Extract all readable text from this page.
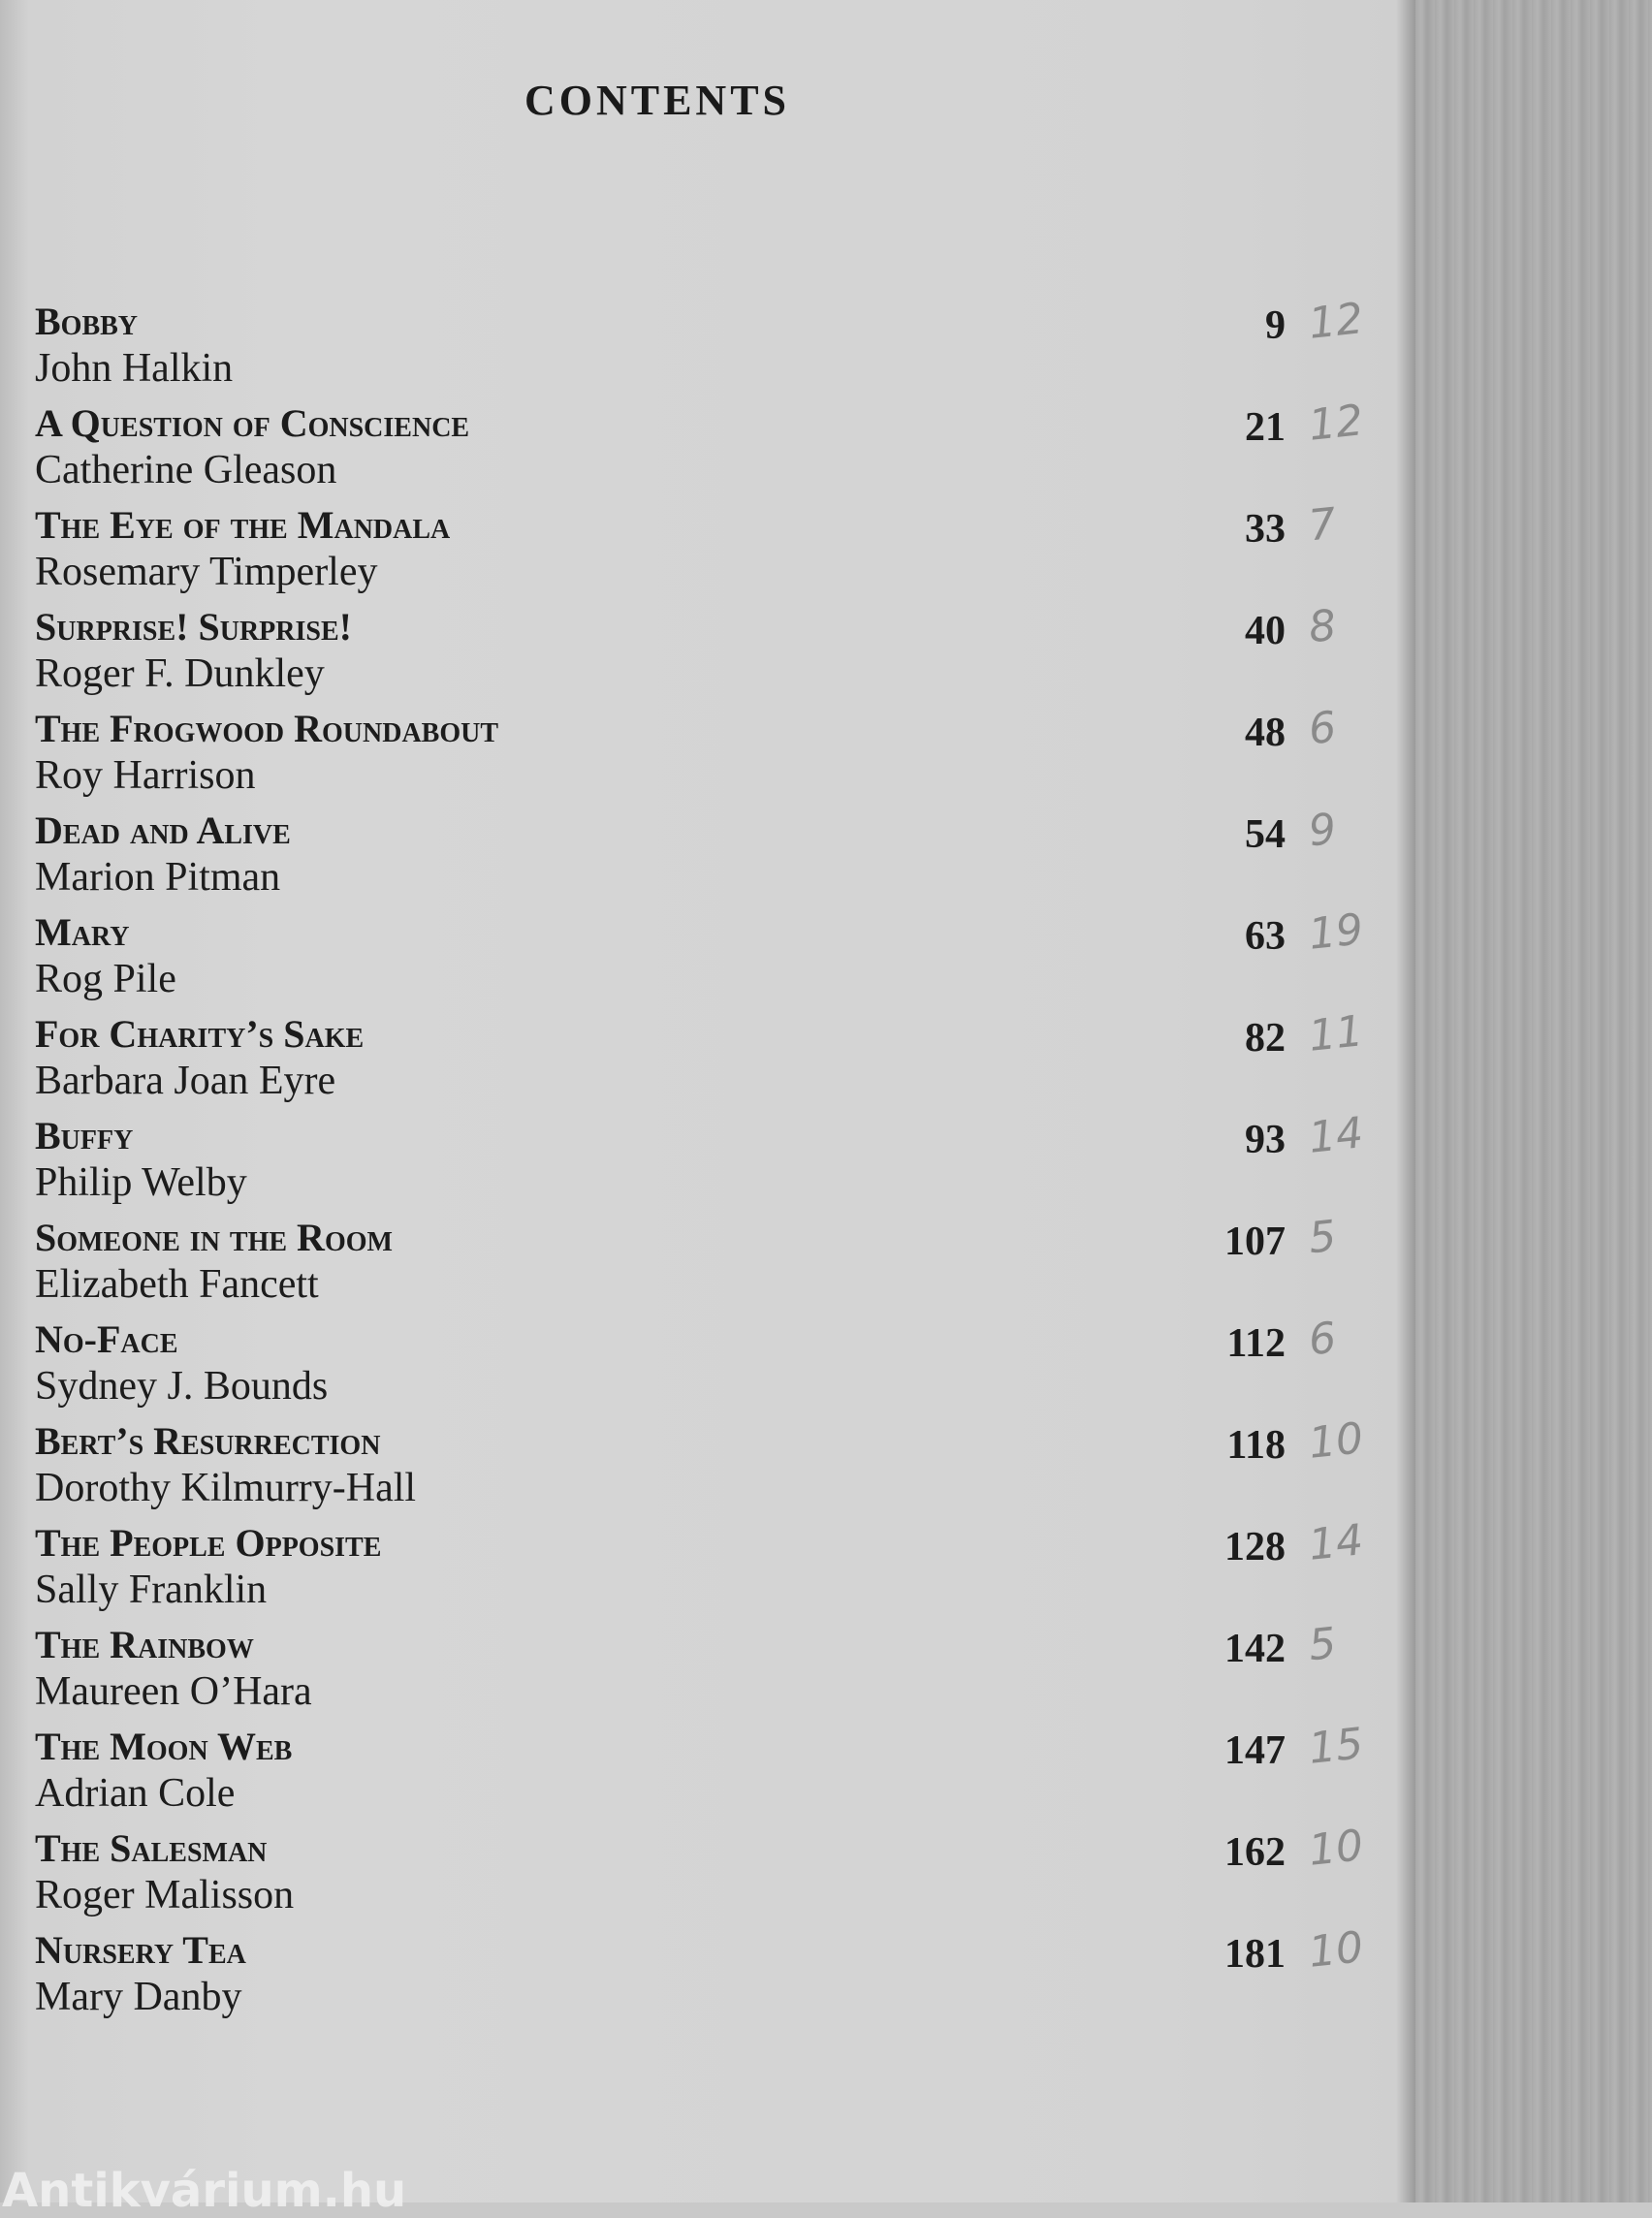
CONTENTS
Bobby
John Halkin
9 12
A Question of Conscience
Catherine Gleason
21 12
The Eye of the Mandala
Rosemary Timperley
33 7
Surprise! Surprise!
Roger F. Dunkley
40 8
The Frogwood Roundabout
Roy Harrison
48 6
Dead and Alive
Marion Pitman
54 9
Mary
Rog Pile
63 19
For Charity’s Sake
Barbara Joan Eyre
82 11
Buffy
Philip Welby
93 14
Someone in the Room
Elizabeth Fancett
107 5
No-Face
Sydney J. Bounds
112 6
Bert’s Resurrection
Dorothy Kilmurry-Hall
118 10
The People Opposite
Sally Franklin
128 14
The Rainbow
Maureen O’Hara
142 5
The Moon Web
Adrian Cole
147 15
The Salesman
Roger Malisson
162 10
Nursery Tea
Mary Danby
181 10
Antikvárium.hu
